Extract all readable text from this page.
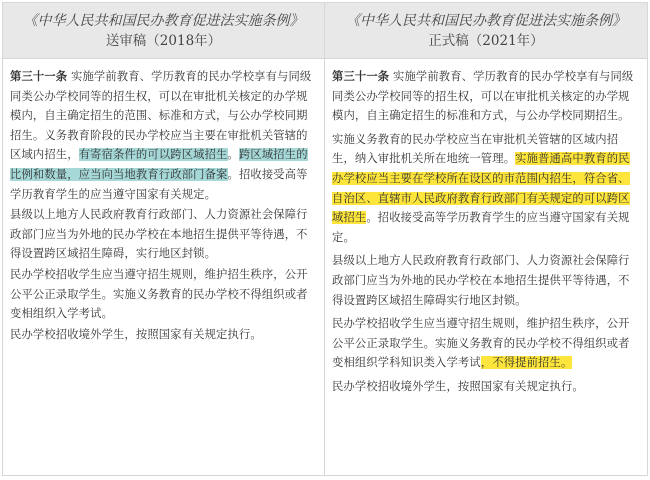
《中华人民共和国民办教育促进法实施条例》
送审稿（2018年）

第三十一条 实施学前教育、学历教育的民办学校享有与同级同类公办学校同等的招生权，可以在审批机关核定的办学规模内，自主确定招生的范围、标准和方式，与公办学校同期招生。义务教育阶段的民办学校应当主要在审批机关管辖的区域内招生，有寄宿条件的可以跨区域招生。跨区域招生的比例和数量，应当向当地教育行政部门备案。招收接受高等学历教育学生的应当遵守国家有关规定。

县级以上地方人民政府教育行政部门、人力资源社会保障行政部门应当为外地的民办学校在本地招生提供平等待遇，不得设置跨区域招生障碍，实行地区封锁。

民办学校招收学生应当遵守招生规则，维护招生秩序，公开公平公正录取学生。实施义务教育的民办学校不得组织或者变相组织入学考试。

民办学校招收境外学生，按照国家有关规定执行。

《中华人民共和国民办教育促进法实施条例》
正式稿（2021年）

第三十一条 实施学前教育、学历教育的民办学校享有与同级同类公办学校同等的招生权，可以在审批机关核定的办学规模内，自主确定招生的标准和方式，与公办学校同期招生。

实施义务教育的民办学校应当在审批机关管辖的区域内招生，纳入审批机关所在地统一管理。实施普通高中教育的民办学校应当主要在学校所在设区的市范围内招生，符合省、自治区、直辖市人民政府教育行政部门有关规定的可以跨区域招生。招收接受高等学历教育学生的应当遵守国家有关规定。

县级以上地方人民政府教育行政部门、人力资源社会保障行政部门应当为外地的民办学校在本地招生提供平等待遇，不得设置跨区域招生障碍实行地区封锁。

民办学校招收学生应当遵守招生规则，维护招生秩序，公开公平公正录取学生。实施义务教育的民办学校不得组织或者变相组织学科知识类入学考试，不得提前招生。

民办学校招收境外学生，按照国家有关规定执行。
